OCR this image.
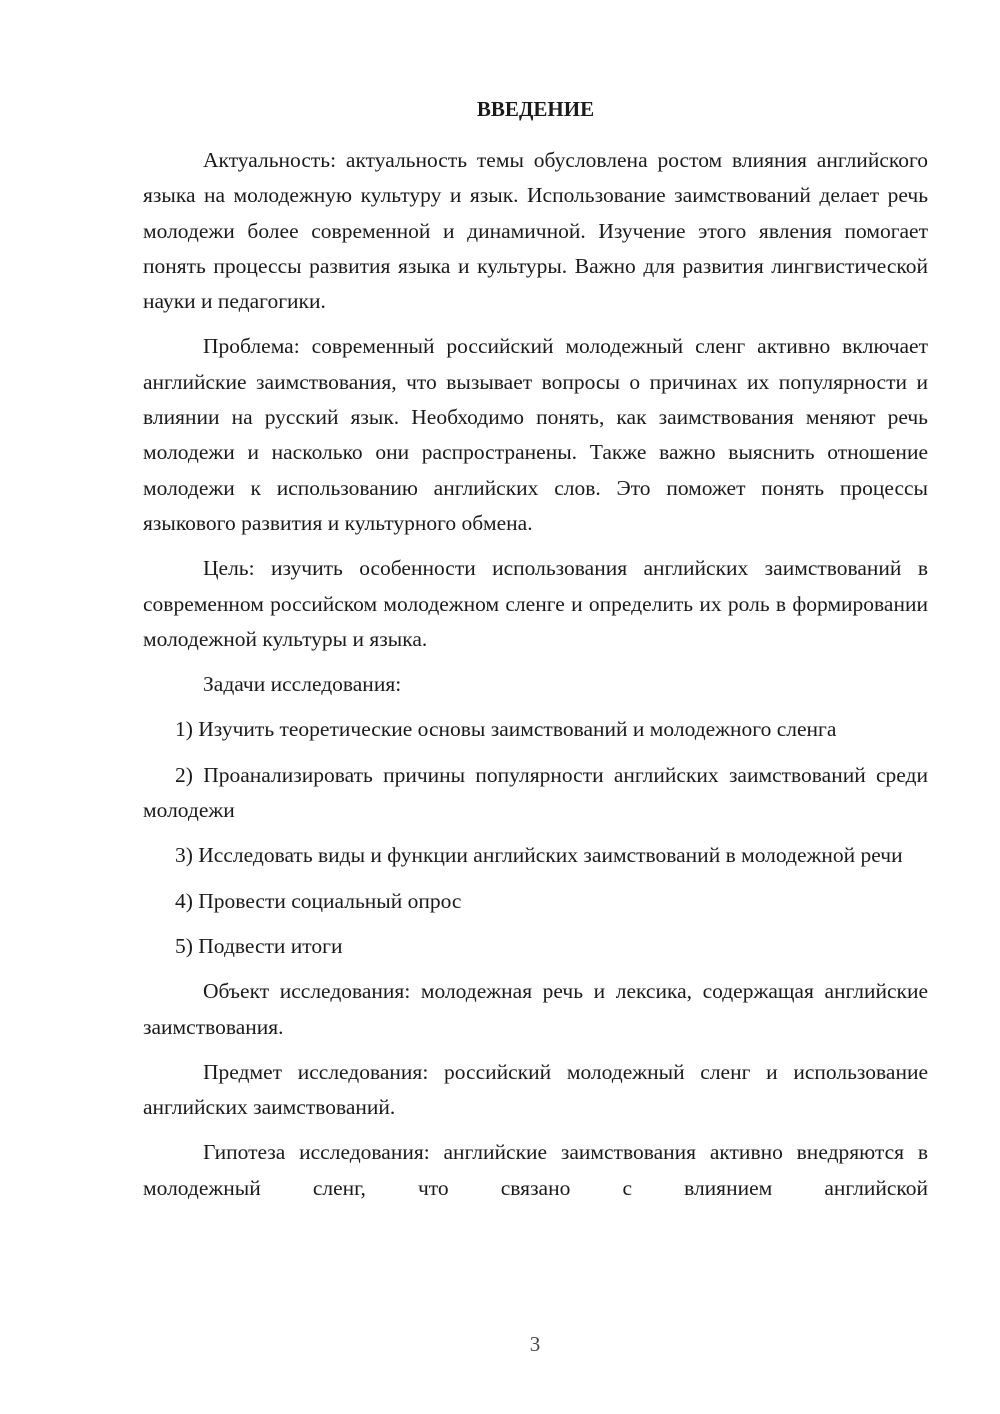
ВВЕДЕНИЕ

Актуальность: актуальность темы обусловлена ростом влияния английского языка на молодежную культуру и язык. Использование заимствований делает речь молодежи более современной и динамичной. Изучение этого явления помогает понять процессы развития языка и культуры. Важно для развития лингвистической науки и педагогики.

Проблема: современный российский молодежный сленг активно включает английские заимствования, что вызывает вопросы о причинах их популярности и влиянии на русский язык. Необходимо понять, как заимствования меняют речь молодежи и насколько они распространены. Также важно выяснить отношение молодежи к использованию английских слов. Это поможет понять процессы языкового развития и культурного обмена.

Цель: изучить особенности использования английских заимствований в современном российском молодежном сленге и определить их роль в формировании молодежной культуры и языка.

Задачи исследования:

1) Изучить теоретические основы заимствований и молодежного сленга

2) Проанализировать причины популярности английских заимствований среди молодежи

3) Исследовать виды и функции английских заимствований в молодежной речи

4) Провести социальный опрос

5) Подвести итоги

Объект исследования: молодежная речь и лексика, содержащая английские заимствования.

Предмет исследования: российский молодежный сленг и использование английских заимствований.

Гипотеза исследования: английские заимствования активно внедряются в молодежный сленг, что связано с влиянием английской

3
